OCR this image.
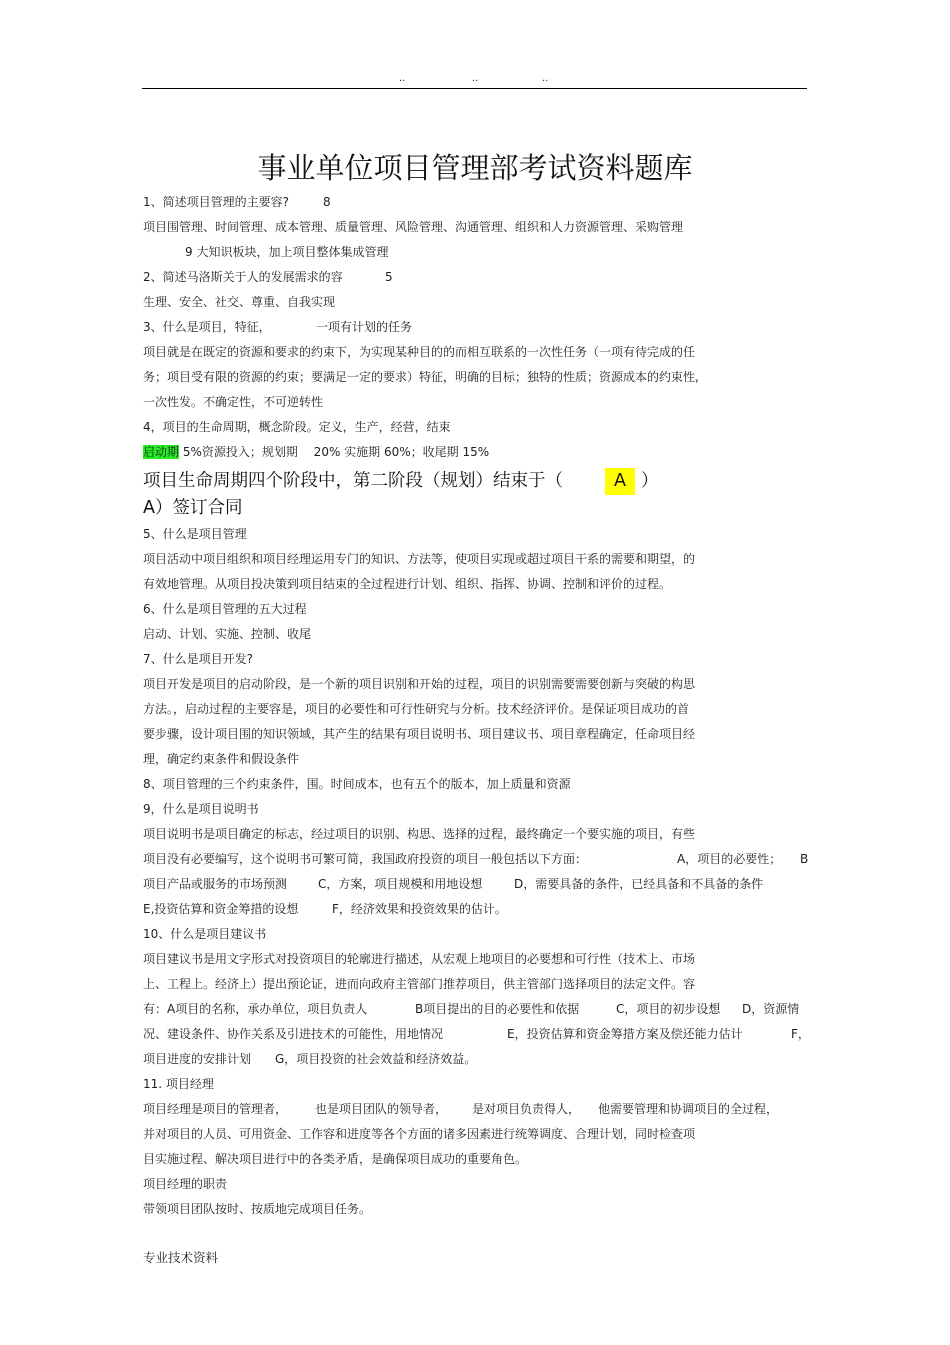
..	..	..
事业单位项目管理部考试资料题库
1、简述项目管理的主要容?	8
项目围管理、时间管理、成本管理、质量管理、风险管理、沟通管理、组织和人力资源管理、采购管理
9 大知识板块，加上项目整体集成管理
2、简述马洛斯关于人的发展需求的容	5
生理、安全、社交、尊重、自我实现
3、什么是项目，特征，	一项有计划的任务
项目就是在既定的资源和要求的约束下，为实现某种目的的而相互联系的一次性任务（一项有待完成的任
务；项目受有限的资源的约束；要满足一定的要求）特征，明确的目标；独特的性质；资源成本的约束性,
一次性发。不确定性，不可逆转性
4，项目的生命周期，概念阶段。定义，生产，经营，结束
启动期 5%资源投入；规划期　 20% 实施期 60%；收尾期 15%
项目生命周期四个阶段中，第二阶段（规划）结束于（	A ）
A）签订合同
5、什么是项目管理
项目活动中项目组织和项目经理运用专门的知识、方法等，使项目实现或超过项目干系的需要和期望，的
有效地管理。从项目投决策到项目结束的全过程进行计划、组织、指挥、协调、控制和评价的过程。
6、什么是项目管理的五大过程
启动、计划、实施、控制、收尾
7、什么是项目开发?
项目开发是项目的启动阶段，是一个新的项目识别和开始的过程，项目的识别需要需要创新与突破的构思
方法。，启动过程的主要容是，项目的必要性和可行性研究与分析。技术经济评价。是保证项目成功的首
要步骤，设计项目围的知识领域，其产生的结果有项目说明书、项目建议书、项目章程确定，任命项目经
理，确定约束条件和假设条件
8、项目管理的三个约束条件，围。时间成本，也有五个的版本，加上质量和资源
9，什么是项目说明书
项目说明书是项目确定的标志，经过项目的识别、构思、选择的过程，最终确定一个要实施的项目，有些
项目没有必要编写，这个说明书可繁可简，我国政府投资的项目一般包括以下方面：	A，项目的必要性； B
项目产品或服务的市场预测	C，方案，项目规模和用地设想	D，需要具备的条件，已经具备和不具备的条件
E,投资估算和资金筹措的设想	F，经济效果和投资效果的估计。
10、什么是项目建议书
项目建议书是用文字形式对投资项目的轮廓进行描述，从宏观上地项目的必要想和可行性（技术上、市场
上、工程上。经济上）提出预论证，进而向政府主管部门推荐项目，供主管部门选择项目的法定文件。容
有：A项目的名称，承办单位，项目负责人	B项目提出的目的必要性和依据	C，项目的初步设想 D，资源情
况、建设条件、协作关系及引进技术的可能性，用地情况	E，投资估算和资金筹措方案及偿还能力估计	F，
项目进度的安排计划 G，项目投资的社会效益和经济效益。
11. 项目经理
项目经理是项目的管理者， 也是项目团队的领导者， 是对项目负责得人， 他需要管理和协调项目的全过程，
并对项目的人员、可用资金、工作容和进度等各个方面的诸多因素进行统筹调度、合理计划，同时检查项
目实施过程、解决项目进行中的各类矛盾，是确保项目成功的重要角色。
项目经理的职责
带领项目团队按时、按质地完成项目任务。
专业技术资料
